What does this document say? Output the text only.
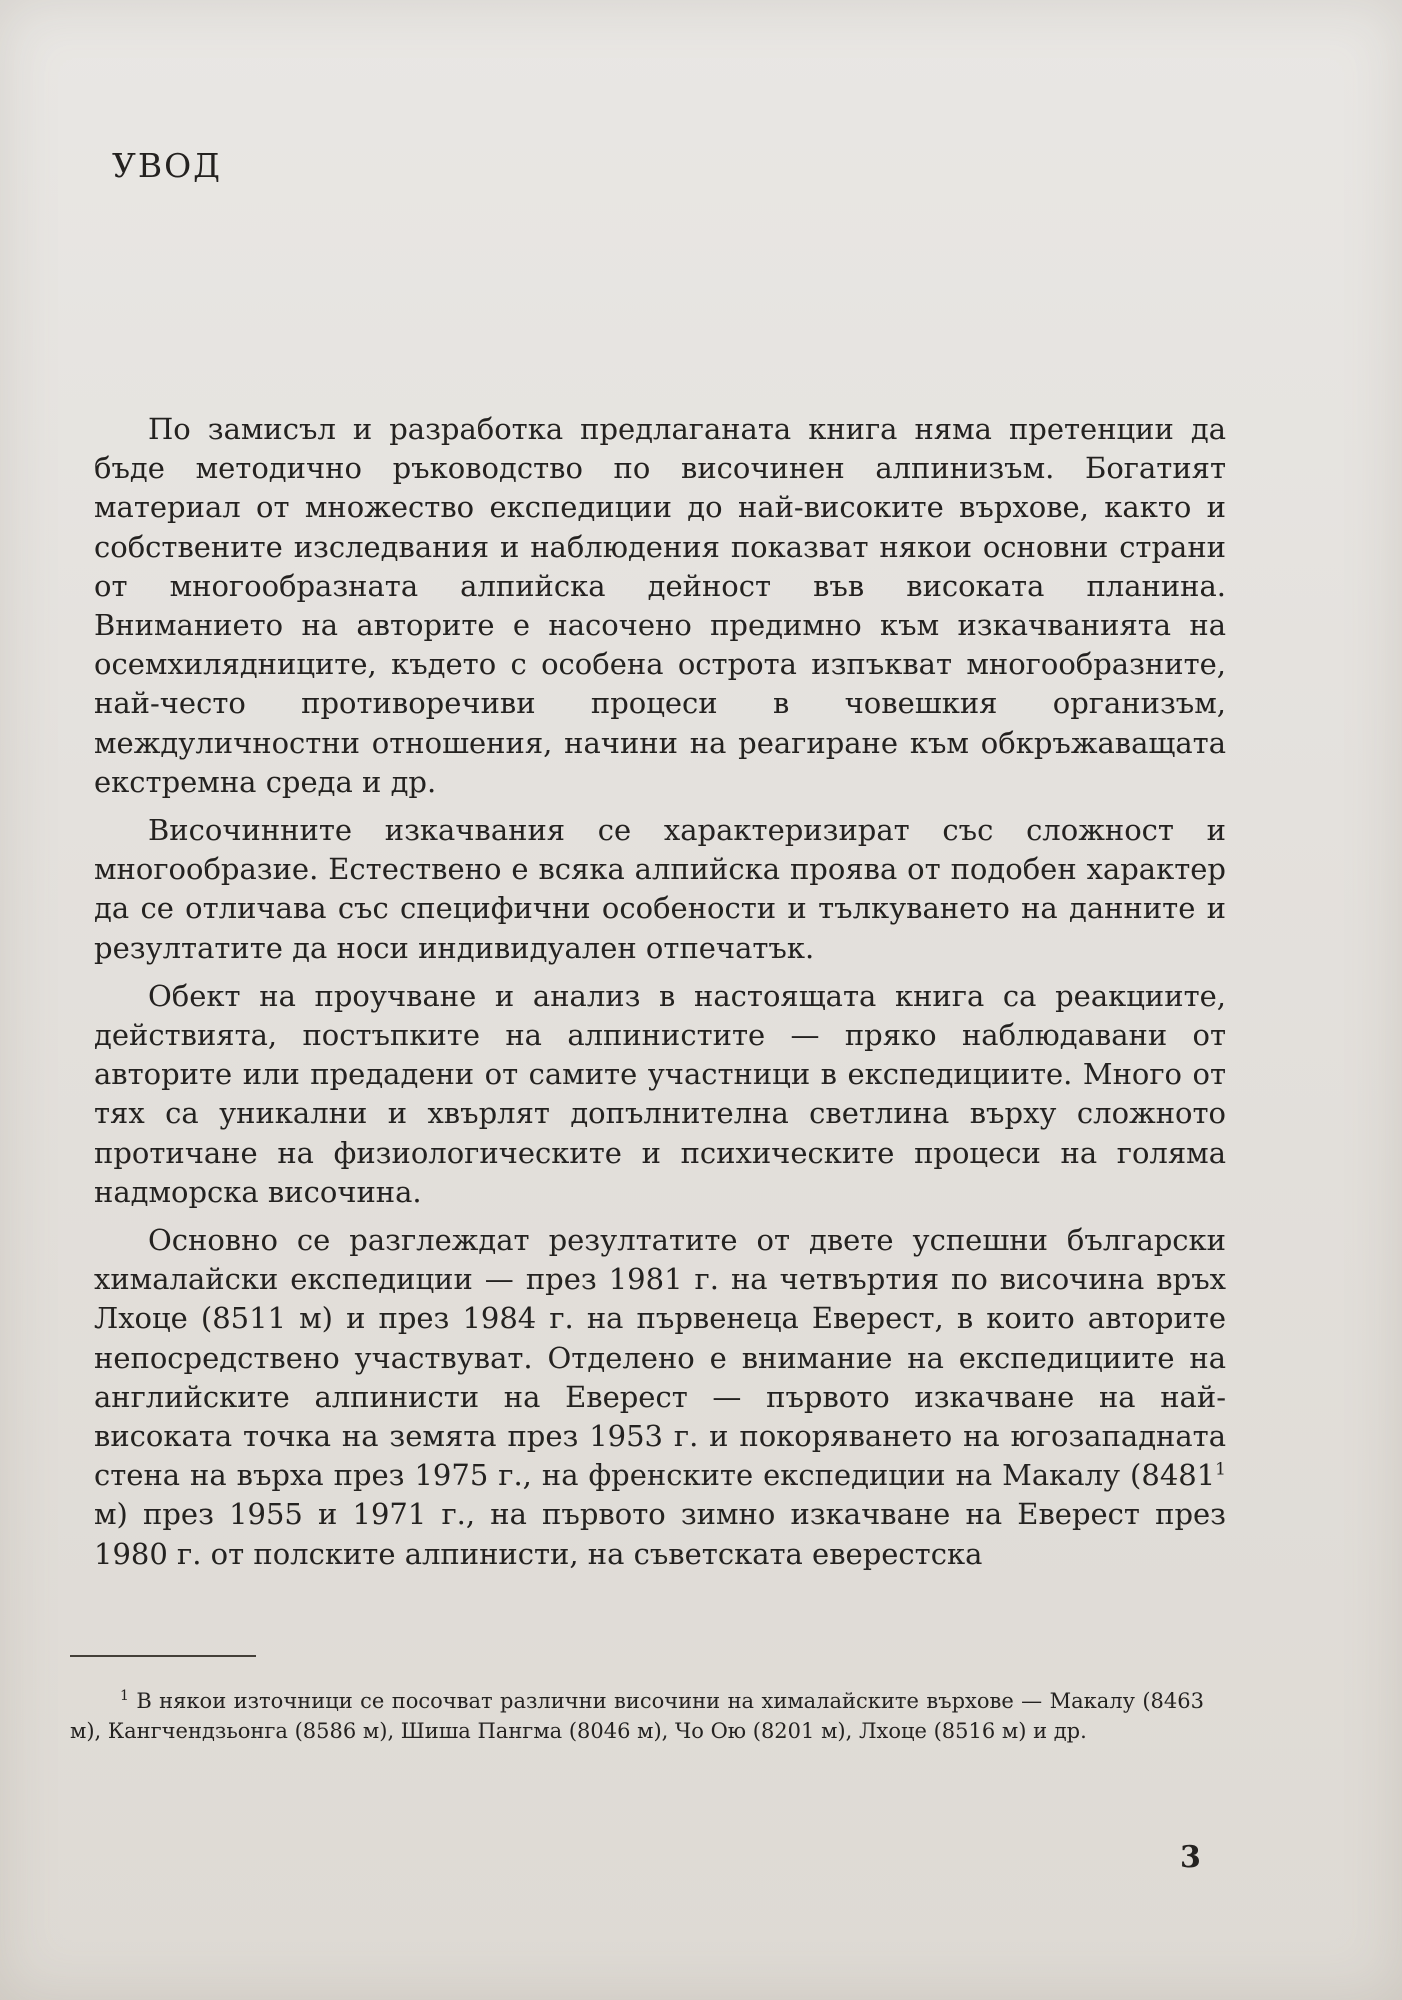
УВОД

По замисъл и разработка предлаганата книга няма претенции да бъде методично ръководство по височинен алпинизъм. Богатият материал от множество експедиции до най-високите върхове, както и собствените изследвания и наблюдения показват някои основни страни от многообразната алпийска дейност във високата планина. Вниманието на авторите е насочено предимно към изкачванията на осемхилядниците, където с особена острота изпъкват многообразните, най-често противоречиви процеси в човешкия организъм, междуличностни отношения, начини на реагиране към обкръжаващата екстремна среда и др.

Височинните изкачвания се характеризират със сложност и многообразие. Естествено е всяка алпийска проява от подобен характер да се отличава със специфични особености и тълкуването на данните и резултатите да носи индивидуален отпечатък.

Обект на проучване и анализ в настоящата книга са реакциите, действията, постъпките на алпинистите — пряко наблюдавани от авторите или предадени от самите участници в експедициите. Много от тях са уникални и хвърлят допълнителна светлина върху сложното протичане на физиологическите и психическите процеси на голяма надморска височина.

Основно се разглеждат резултатите от двете успешни български хималайски експедиции — през 1981 г. на четвъртия по височина връх Лхоце (8511 м) и през 1984 г. на първенеца Еверест, в които авторите непосредствено участвуват. Отделено е внимание на експедициите на английските алпинисти на Еверест — първото изкачване на най-високата точка на земята през 1953 г. и покоряването на югозападната стена на върха през 1975 г., на френските експедиции на Макалу (8481$^1$ м) през 1955 и 1971 г., на първото зимно изкачване на Еверест през 1980 г. от полските алпинисти, на съветската еверестска

$^1$ В някои източници се посочват различни височини на хималайските върхове — Макалу (8463 м), Кангчендзьонга (8586 м), Шиша Пангма (8046 м), Чо Ою (8201 м), Лхоце (8516 м) и др.

3
